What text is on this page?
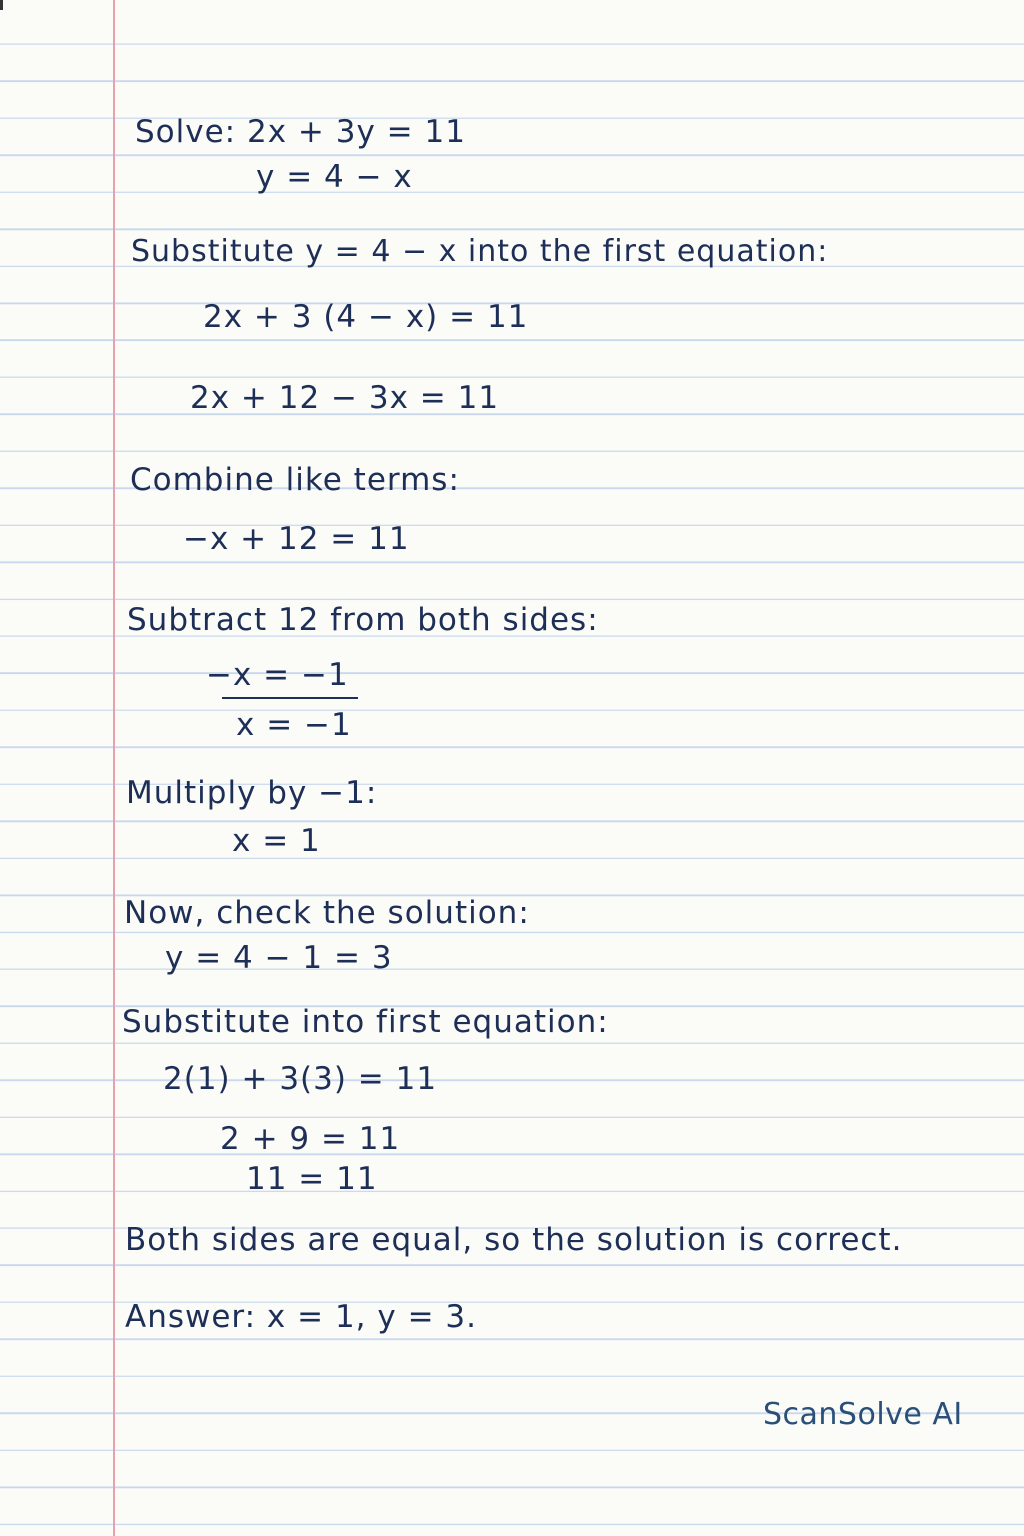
Solve: 2x + 3y = 11
y = 4 − x
Substitute y = 4 − x into the first equation:
2x + 3 (4 − x) = 11
2x + 12 − 3x = 11
Combine like terms:
−x + 12 = 11
Subtract 12 from both sides:
−x = −1
x = −1
Multiply by −1:
x = 1
Now, check the solution:
y = 4 − 1 = 3
Substitute into first equation:
2(1) + 3(3) = 11
2 + 9 = 11
11 = 11
Both sides are equal, so the solution is correct.
Answer: x = 1, y = 3.
ScanSolve AI
